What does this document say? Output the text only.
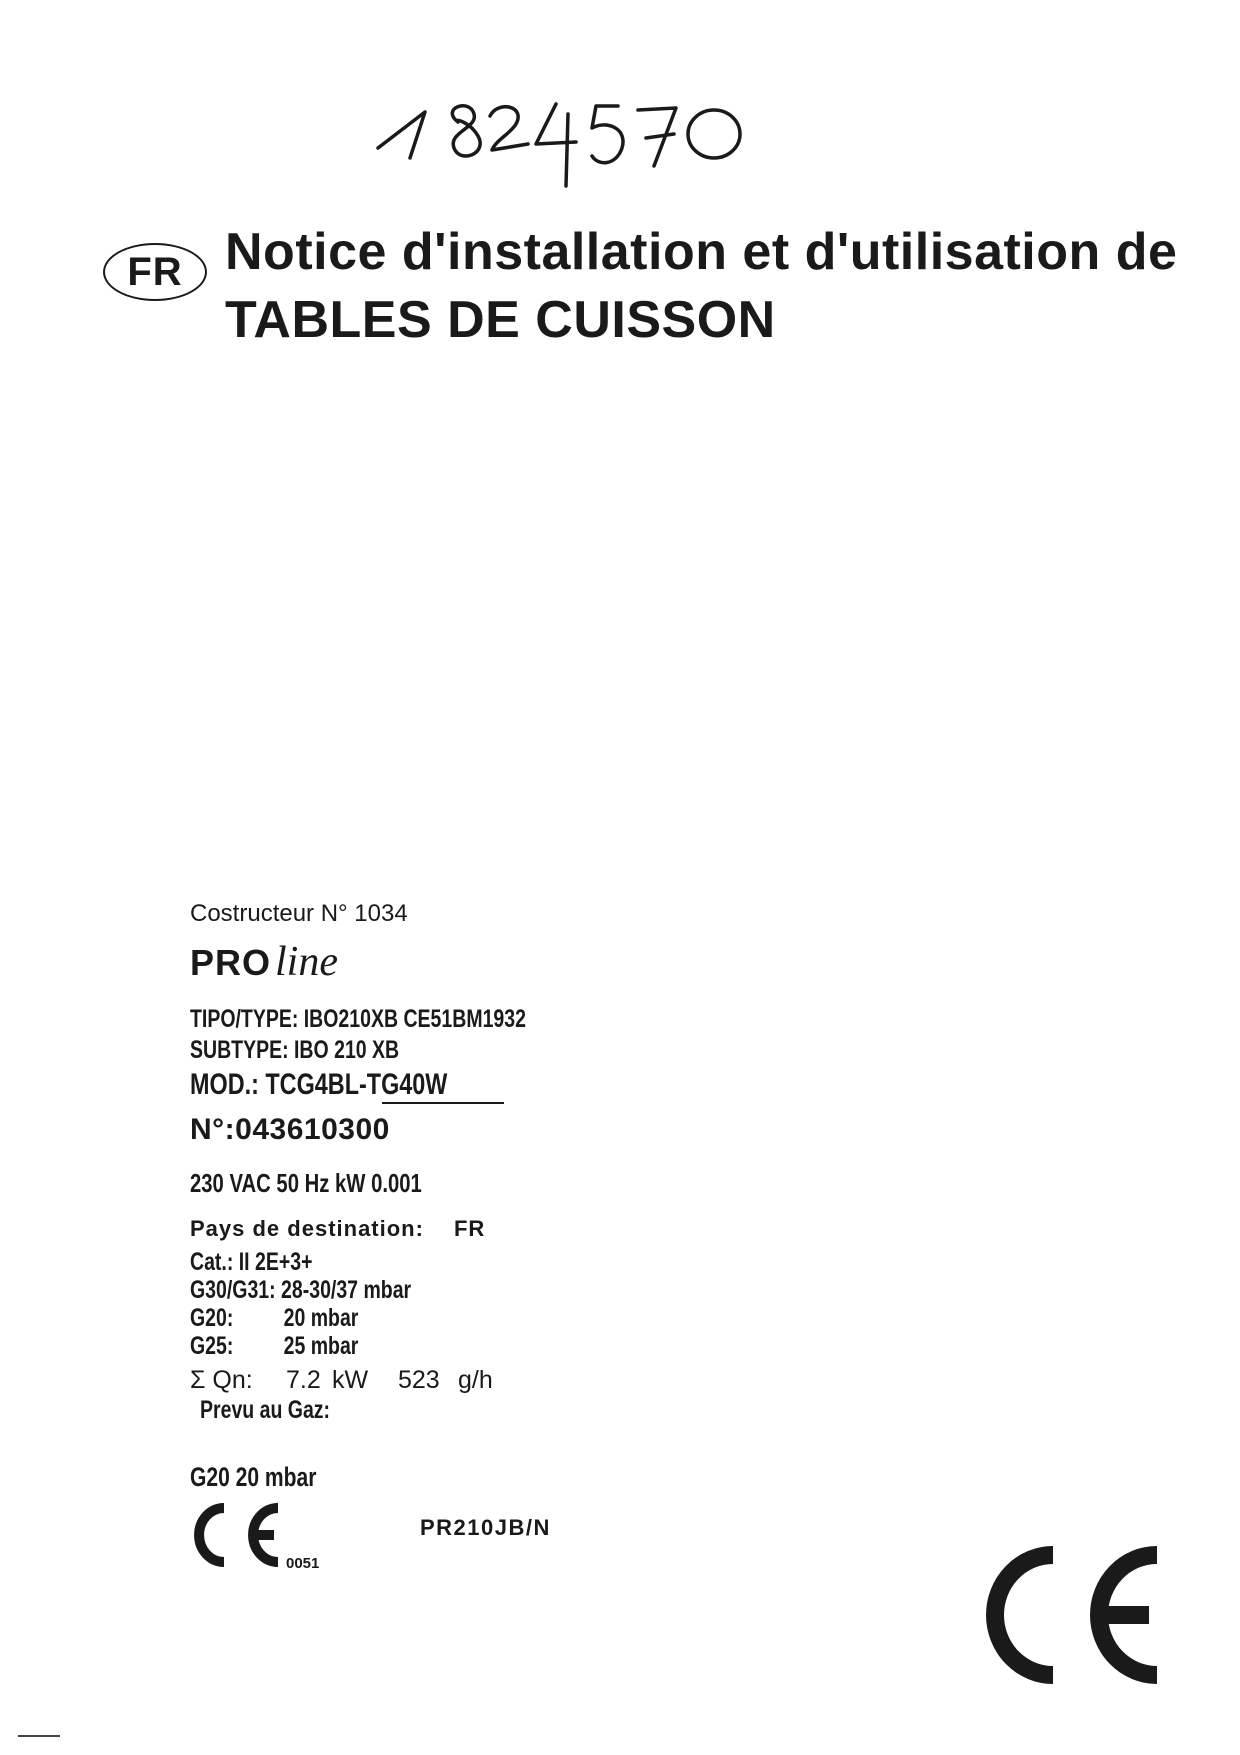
FR Notice d'installation et d'utilisation de
TABLES DE CUISSON
Costructeur N° 1034
PROline
TIPO/TYPE: IBO210XB CE51BM1932
SUBTYPE: IBO 210 XB
MOD.: TCG4BL-TG40W
N°:043610300
230 VAC 50 Hz kW 0.001
Pays de destination: FR
Cat.: II 2E+3+
G30/G31: 28-30/37 mbar
G20: 20 mbar
G25: 25 mbar
Σ Qn: 7.2 kW 523 g/h
Prevu au Gaz:
G20 20 mbar
0051
PR210JB/N
